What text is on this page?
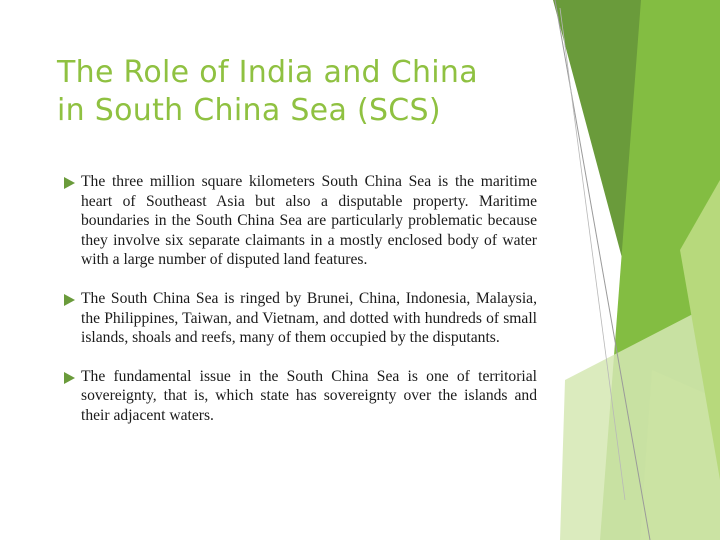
The Role of India and China
in South China Sea (SCS)
The three million square kilometers South China Sea is the maritime heart of Southeast Asia but also a disputable property. Maritime boundaries in the South China Sea are particularly problematic because they involve six separate claimants in a mostly enclosed body of water with a large number of disputed land features.
The South China Sea is ringed by Brunei, China, Indonesia, Malaysia, the Philippines, Taiwan, and Vietnam, and dotted with hundreds of small islands, shoals and reefs, many of them occupied by the disputants.
The fundamental issue in the South China Sea is one of territorial sovereignty, that is, which state has sovereignty over the islands and their adjacent waters.
